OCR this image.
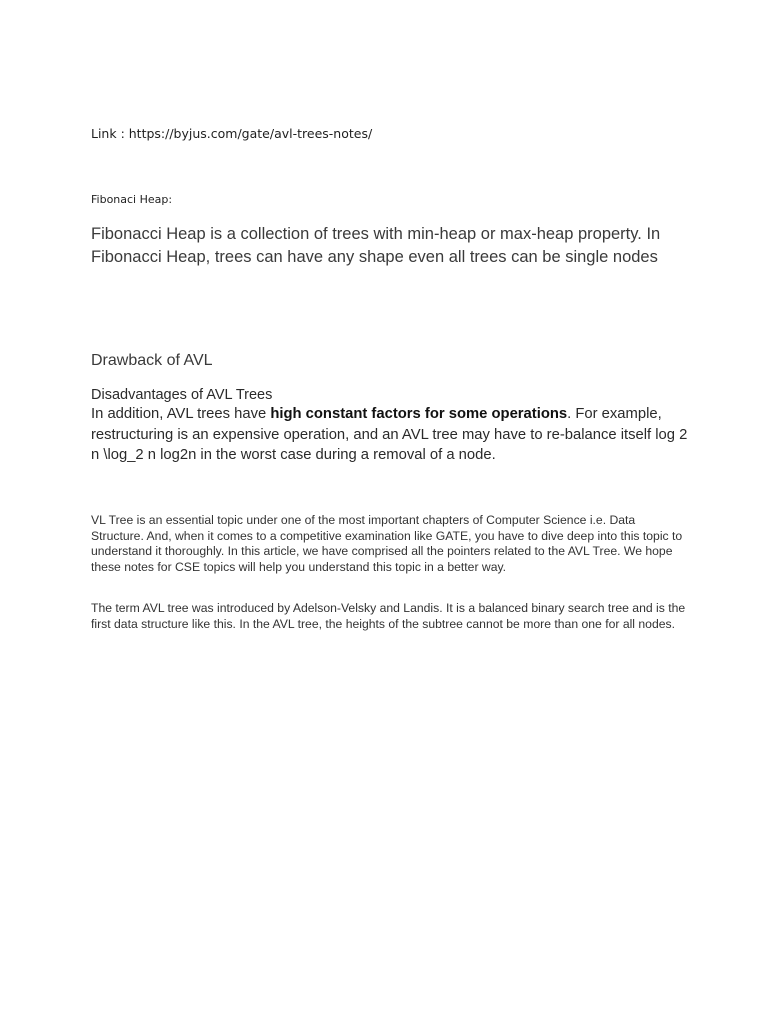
Link : https://byjus.com/gate/avl-trees-notes/
Fibonaci Heap:
Fibonacci Heap is a collection of trees with min-heap or max-heap property. In Fibonacci Heap, trees can have any shape even all trees can be single nodes
Drawback of AVL
Disadvantages of AVL Trees
In addition, AVL trees have high constant factors for some operations. For example, restructuring is an expensive operation, and an AVL tree may have to re-balance itself log 2 n \log_2 n log2n in the worst case during a removal of a node.
VL Tree is an essential topic under one of the most important chapters of Computer Science i.e. Data Structure. And, when it comes to a competitive examination like GATE, you have to dive deep into this topic to understand it thoroughly. In this article, we have comprised all the pointers related to the AVL Tree. We hope these notes for CSE topics will help you understand this topic in a better way.
The term AVL tree was introduced by Adelson-Velsky and Landis. It is a balanced binary search tree and is the first data structure like this. In the AVL tree, the heights of the subtree cannot be more than one for all nodes.
